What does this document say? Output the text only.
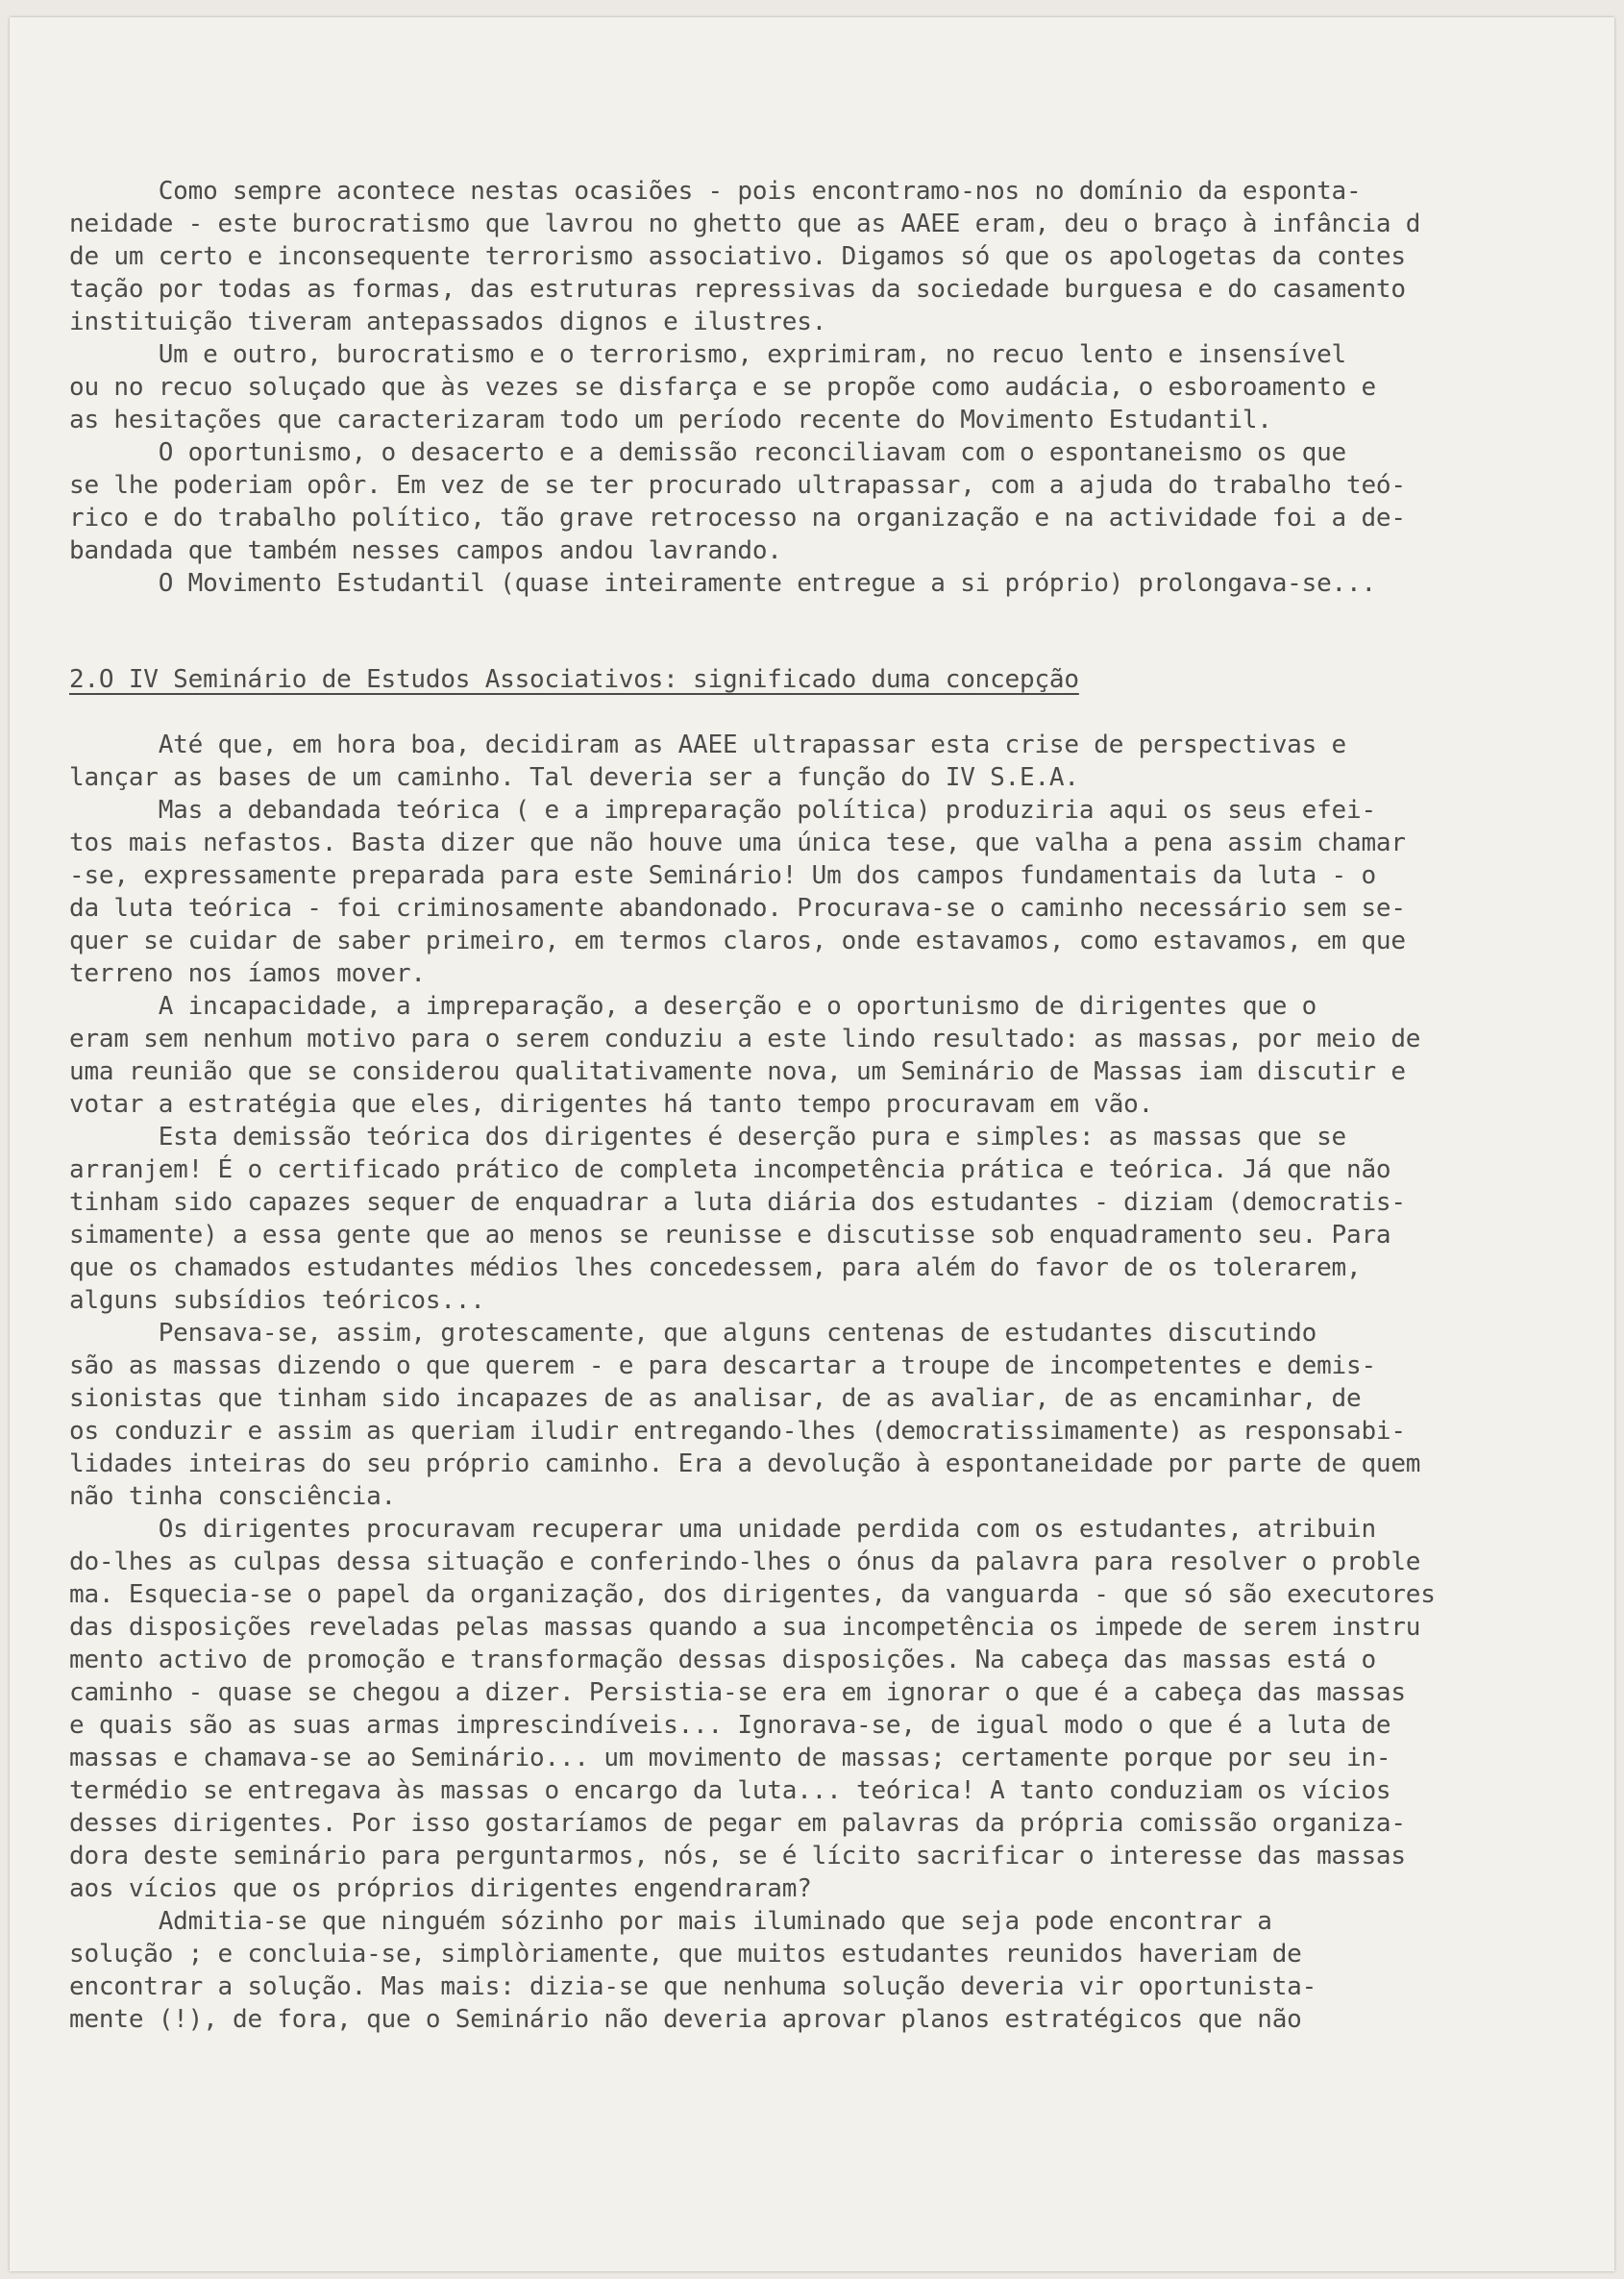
Como sempre acontece nestas ocasiões - pois encontramo-nos no domínio da esponta-
neidade - este burocratismo que lavrou no ghetto que as AAEE eram, deu o braço à infância d
de um certo e inconsequente terrorismo associativo. Digamos só que os apologetas da contes
tação por todas as formas, das estruturas repressivas da sociedade burguesa e do casamento
instituição tiveram antepassados dignos e ilustres.
Um e outro, burocratismo e o terrorismo, exprimiram, no recuo lento e insensível
ou no recuo soluçado que às vezes se disfarça e se propõe como audácia, o esboroamento e
as hesitações que caracterizaram todo um período recente do Movimento Estudantil.
O oportunismo, o desacerto e a demissão reconciliavam com o espontaneismo os que
se lhe poderiam opôr. Em vez de se ter procurado ultrapassar, com a ajuda do trabalho teó-
rico e do trabalho político, tão grave retrocesso na organização e na actividade foi a de-
bandada que também nesses campos andou lavrando.
O Movimento Estudantil (quase inteiramente entregue a si próprio) prolongava-se...
2.O IV Seminário de Estudos Associativos: significado duma concepção
Até que, em hora boa, decidiram as AAEE ultrapassar esta crise de perspectivas e
lançar as bases de um caminho. Tal deveria ser a função do IV S.E.A.
Mas a debandada teórica ( e a impreparação política) produziria aqui os seus efei-
tos mais nefastos. Basta dizer que não houve uma única tese, que valha a pena assim chamar
-se, expressamente preparada para este Seminário! Um dos campos fundamentais da luta - o
da luta teórica - foi criminosamente abandonado. Procurava-se o caminho necessário sem se-
quer se cuidar de saber primeiro, em termos claros, onde estavamos, como estavamos, em que
terreno nos íamos mover.
A incapacidade, a impreparação, a deserção e o oportunismo de dirigentes que o
eram sem nenhum motivo para o serem conduziu a este lindo resultado: as massas, por meio de
uma reunião que se considerou qualitativamente nova, um Seminário de Massas iam discutir e
votar a estratégia que eles, dirigentes há tanto tempo procuravam em vão.
Esta demissão teórica dos dirigentes é deserção pura e simples: as massas que se
arranjem! É o certificado prático de completa incompetência prática e teórica. Já que não
tinham sido capazes sequer de enquadrar a luta diária dos estudantes - diziam (democratis-
simamente) a essa gente que ao menos se reunisse e discutisse sob enquadramento seu. Para
que os chamados estudantes médios lhes concedessem, para além do favor de os tolerarem,
alguns subsídios teóricos...
Pensava-se, assim, grotescamente, que alguns centenas de estudantes discutindo
são as massas dizendo o que querem - e para descartar a troupe de incompetentes e demis-
sionistas que tinham sido incapazes de as analisar, de as avaliar, de as encaminhar, de
os conduzir e assim as queriam iludir entregando-lhes (democratissimamente) as responsabi-
lidades inteiras do seu próprio caminho. Era a devolução à espontaneidade por parte de quem
não tinha consciência.
Os dirigentes procuravam recuperar uma unidade perdida com os estudantes, atribuin
do-lhes as culpas dessa situação e conferindo-lhes o ónus da palavra para resolver o proble
ma. Esquecia-se o papel da organização, dos dirigentes, da vanguarda - que só são executores
das disposições reveladas pelas massas quando a sua incompetência os impede de serem instru
mento activo de promoção e transformação dessas disposições. Na cabeça das massas está o
caminho - quase se chegou a dizer. Persistia-se era em ignorar o que é a cabeça das massas
e quais são as suas armas imprescindíveis... Ignorava-se, de igual modo o que é a luta de
massas e chamava-se ao Seminário... um movimento de massas; certamente porque por seu in-
termédio se entregava às massas o encargo da luta... teórica! A tanto conduziam os vícios
desses dirigentes. Por isso gostaríamos de pegar em palavras da própria comissão organiza-
dora deste seminário para perguntarmos, nós, se é lícito sacrificar o interesse das massas
aos vícios que os próprios dirigentes engendraram?
Admitia-se que ninguém sózinho por mais iluminado que seja pode encontrar a
solução ; e concluia-se, simplòriamente, que muitos estudantes reunidos haveriam de
encontrar a solução. Mas mais: dizia-se que nenhuma solução deveria vir oportunista-
mente (!), de fora, que o Seminário não deveria aprovar planos estratégicos que não
